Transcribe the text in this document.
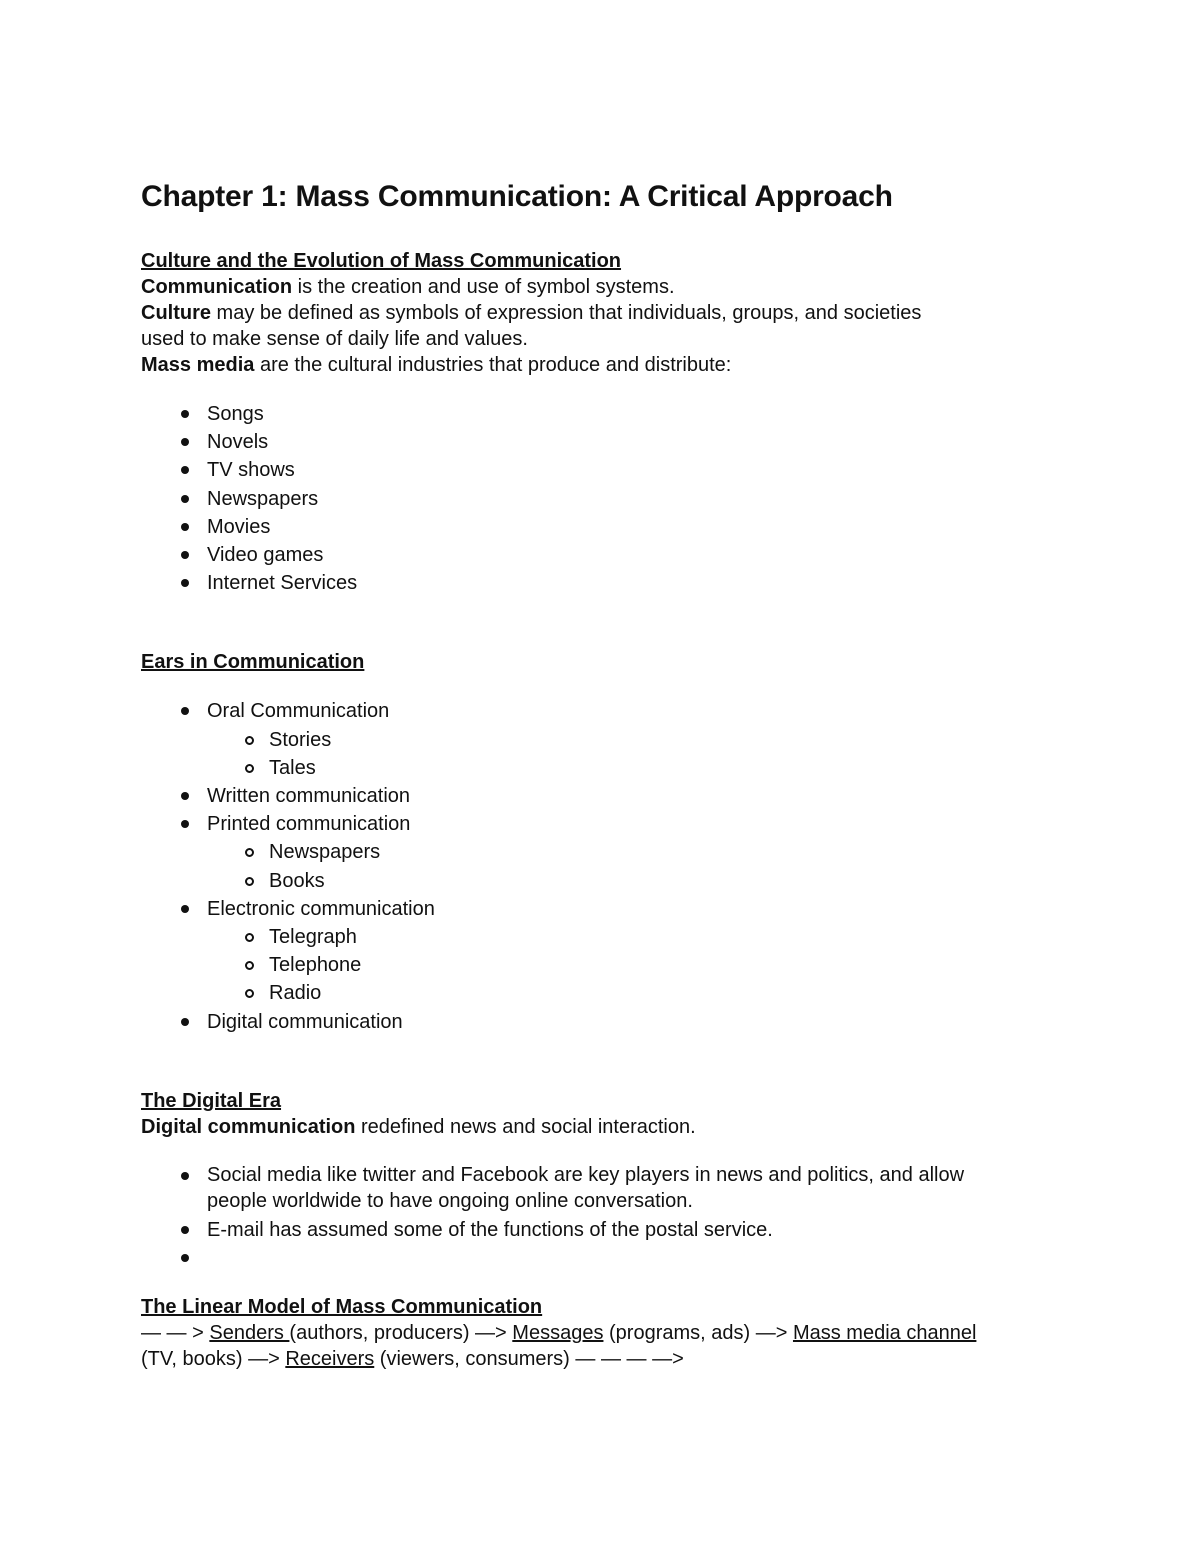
Chapter 1: Mass Communication: A Critical Approach

Culture and the Evolution of Mass Communication

Communication is the creation and use of symbol systems.

Culture may be defined as symbols of expression that individuals, groups, and societies

used to make sense of daily life and values.

Mass media are the cultural industries that produce and distribute:

Songs
Novels
TV shows
Newspapers
Movies
Video games
Internet Services

Ears in Communication

Oral Communication
Stories
Tales
Written communication
Printed communication
Newspapers
Books
Electronic communication
Telegraph
Telephone
Radio
Digital communication

The Digital Era

Digital communication redefined news and social interaction.

Social media like twitter and Facebook are key players in news and politics, and allow
people worldwide to have ongoing online conversation.
E-mail has assumed some of the functions of the postal service.

The Linear Model of Mass Communication

— — > Senders (authors, producers) —> Messages (programs, ads) —> Mass media channel

(TV, books) —> Receivers (viewers, consumers) — — — —>
